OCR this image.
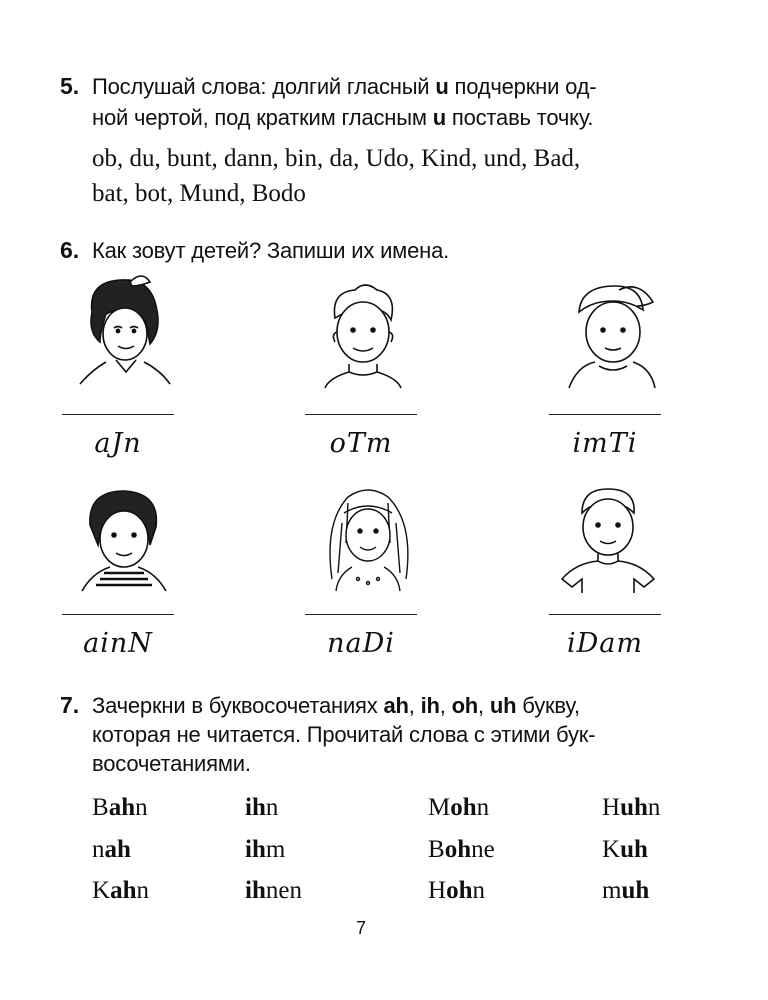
5. Послушай слова: долгий гласный u подчеркни од-
ной чертой, под кратким гласным u поставь точку.
ob, du, bunt, dann, bin, da, Udo, Kind, und, Bad,
bat, bot, Mund, Bodo
6. Как зовут детей? Запиши их имена.
aJn	oTm	imTi
ainN	naDi	iDam
7. Зачеркни в буквосочетаниях ah, ih, oh, uh букву,
которая не читается. Прочитай слова с этими бук-
восочетаниями.
Bahn	ihn	Mohn	Huhn
nah	ihm	Bohne	Kuh
Kahn	ihnen	Hohn	muh
7
